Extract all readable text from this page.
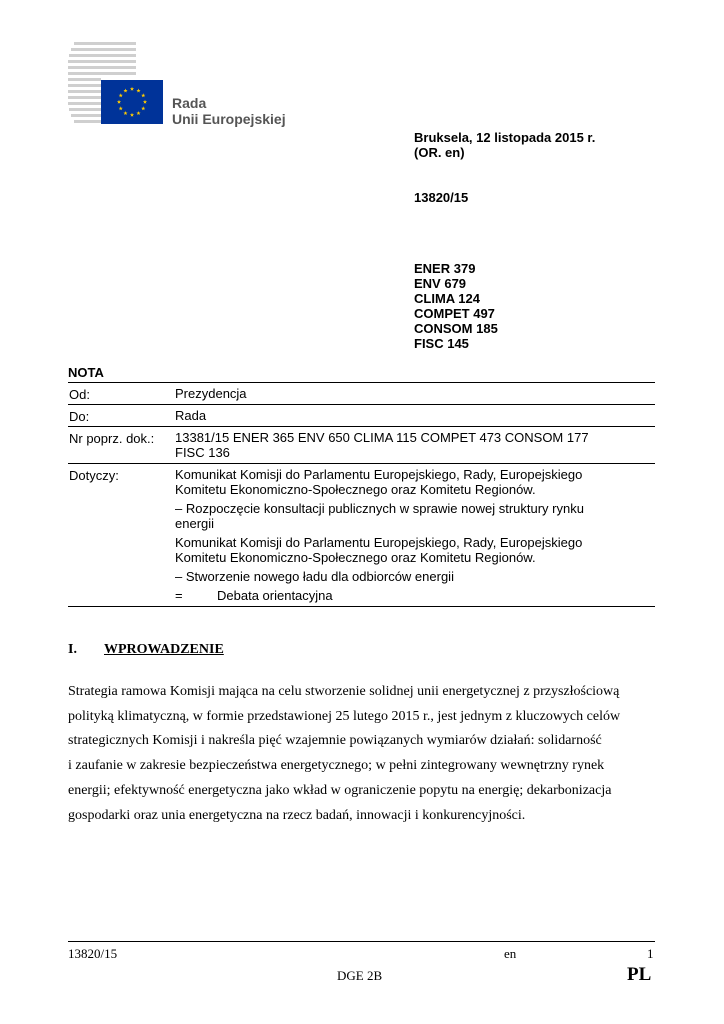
Rada
Unii Europejskiej
Bruksela, 12 listopada 2015 r.
(OR. en)
13820/15
ENER 379
ENV 679
CLIMA 124
COMPET 497
CONSOM 185
FISC 145
NOTA
Od:	Prezydencja
Do:	Rada
Nr poprz. dok.:	13381/15 ENER 365 ENV 650 CLIMA 115 COMPET 473 CONSOM 177
FISC 136
Dotyczy:	Komunikat Komisji do Parlamentu Europejskiego, Rady, Europejskiego
Komitetu Ekonomiczno-Społecznego oraz Komitetu Regionów.

– Rozpoczęcie konsultacji publicznych w sprawie nowej struktury rynku
energii

Komunikat Komisji do Parlamentu Europejskiego, Rady, Europejskiego
Komitetu Ekonomiczno-Społecznego oraz Komitetu Regionów.

– Stworzenie nowego ładu dla odbiorców energii

=	Debata orientacyjna
I. WPROWADZENIE
Strategia ramowa Komisji mająca na celu stworzenie solidnej unii energetycznej z przyszłościową
polityką klimatyczną, w formie przedstawionej 25 lutego 2015 r., jest jednym z kluczowych celów
strategicznych Komisji i nakreśla pięć wzajemnie powiązanych wymiarów działań: solidarność
i zaufanie w zakresie bezpieczeństwa energetycznego; w pełni zintegrowany wewnętrzny rynek
energii; efektywność energetyczna jako wkład w ograniczenie popytu na energię; dekarbonizacja
gospodarki oraz unia energetyczna na rzecz badań, innowacji i konkurencyjności.
13820/15	en	1
DGE 2B	PL
